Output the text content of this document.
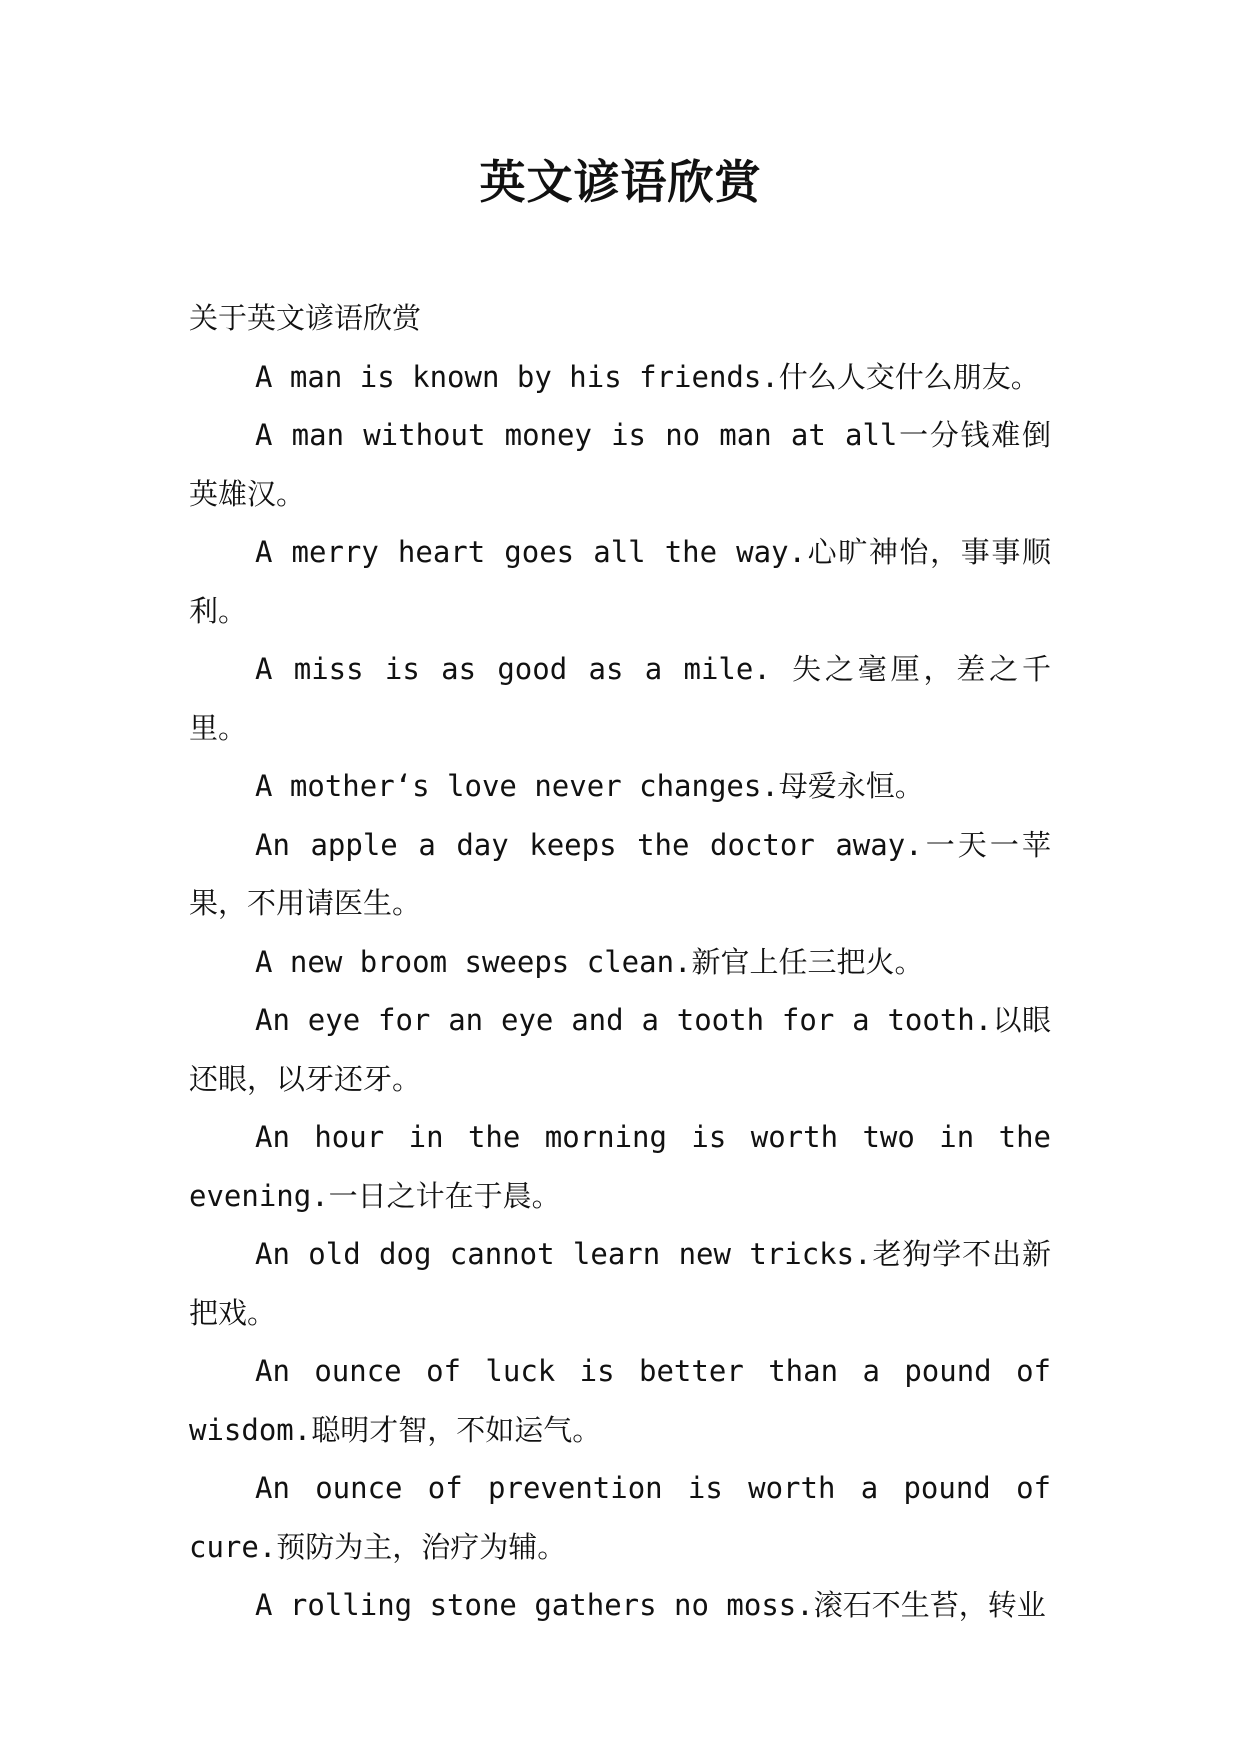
英文谚语欣赏

关于英文谚语欣赏

A man is known by his friends.什么人交什么朋友。

A man without money is no man at all一分钱难倒英雄汉。

A merry heart goes all the way.心旷神怡，事事顺利。

A miss is as good as a mile. 失之毫厘，差之千里。

A mother‘s love never changes.母爱永恒。

An apple a day keeps the doctor away.一天一苹果，不用请医生。

A new broom sweeps clean.新官上任三把火。

An eye for an eye and a tooth for a tooth.以眼还眼，以牙还牙。

An hour in the morning is worth two in the evening.一日之计在于晨。

An old dog cannot learn new tricks.老狗学不出新把戏。

An ounce of luck is better than a pound of wisdom.聪明才智，不如运气。

An ounce of prevention is worth a pound of cure.预防为主，治疗为辅。

A rolling stone gathers no moss.滚石不生苔，转业
